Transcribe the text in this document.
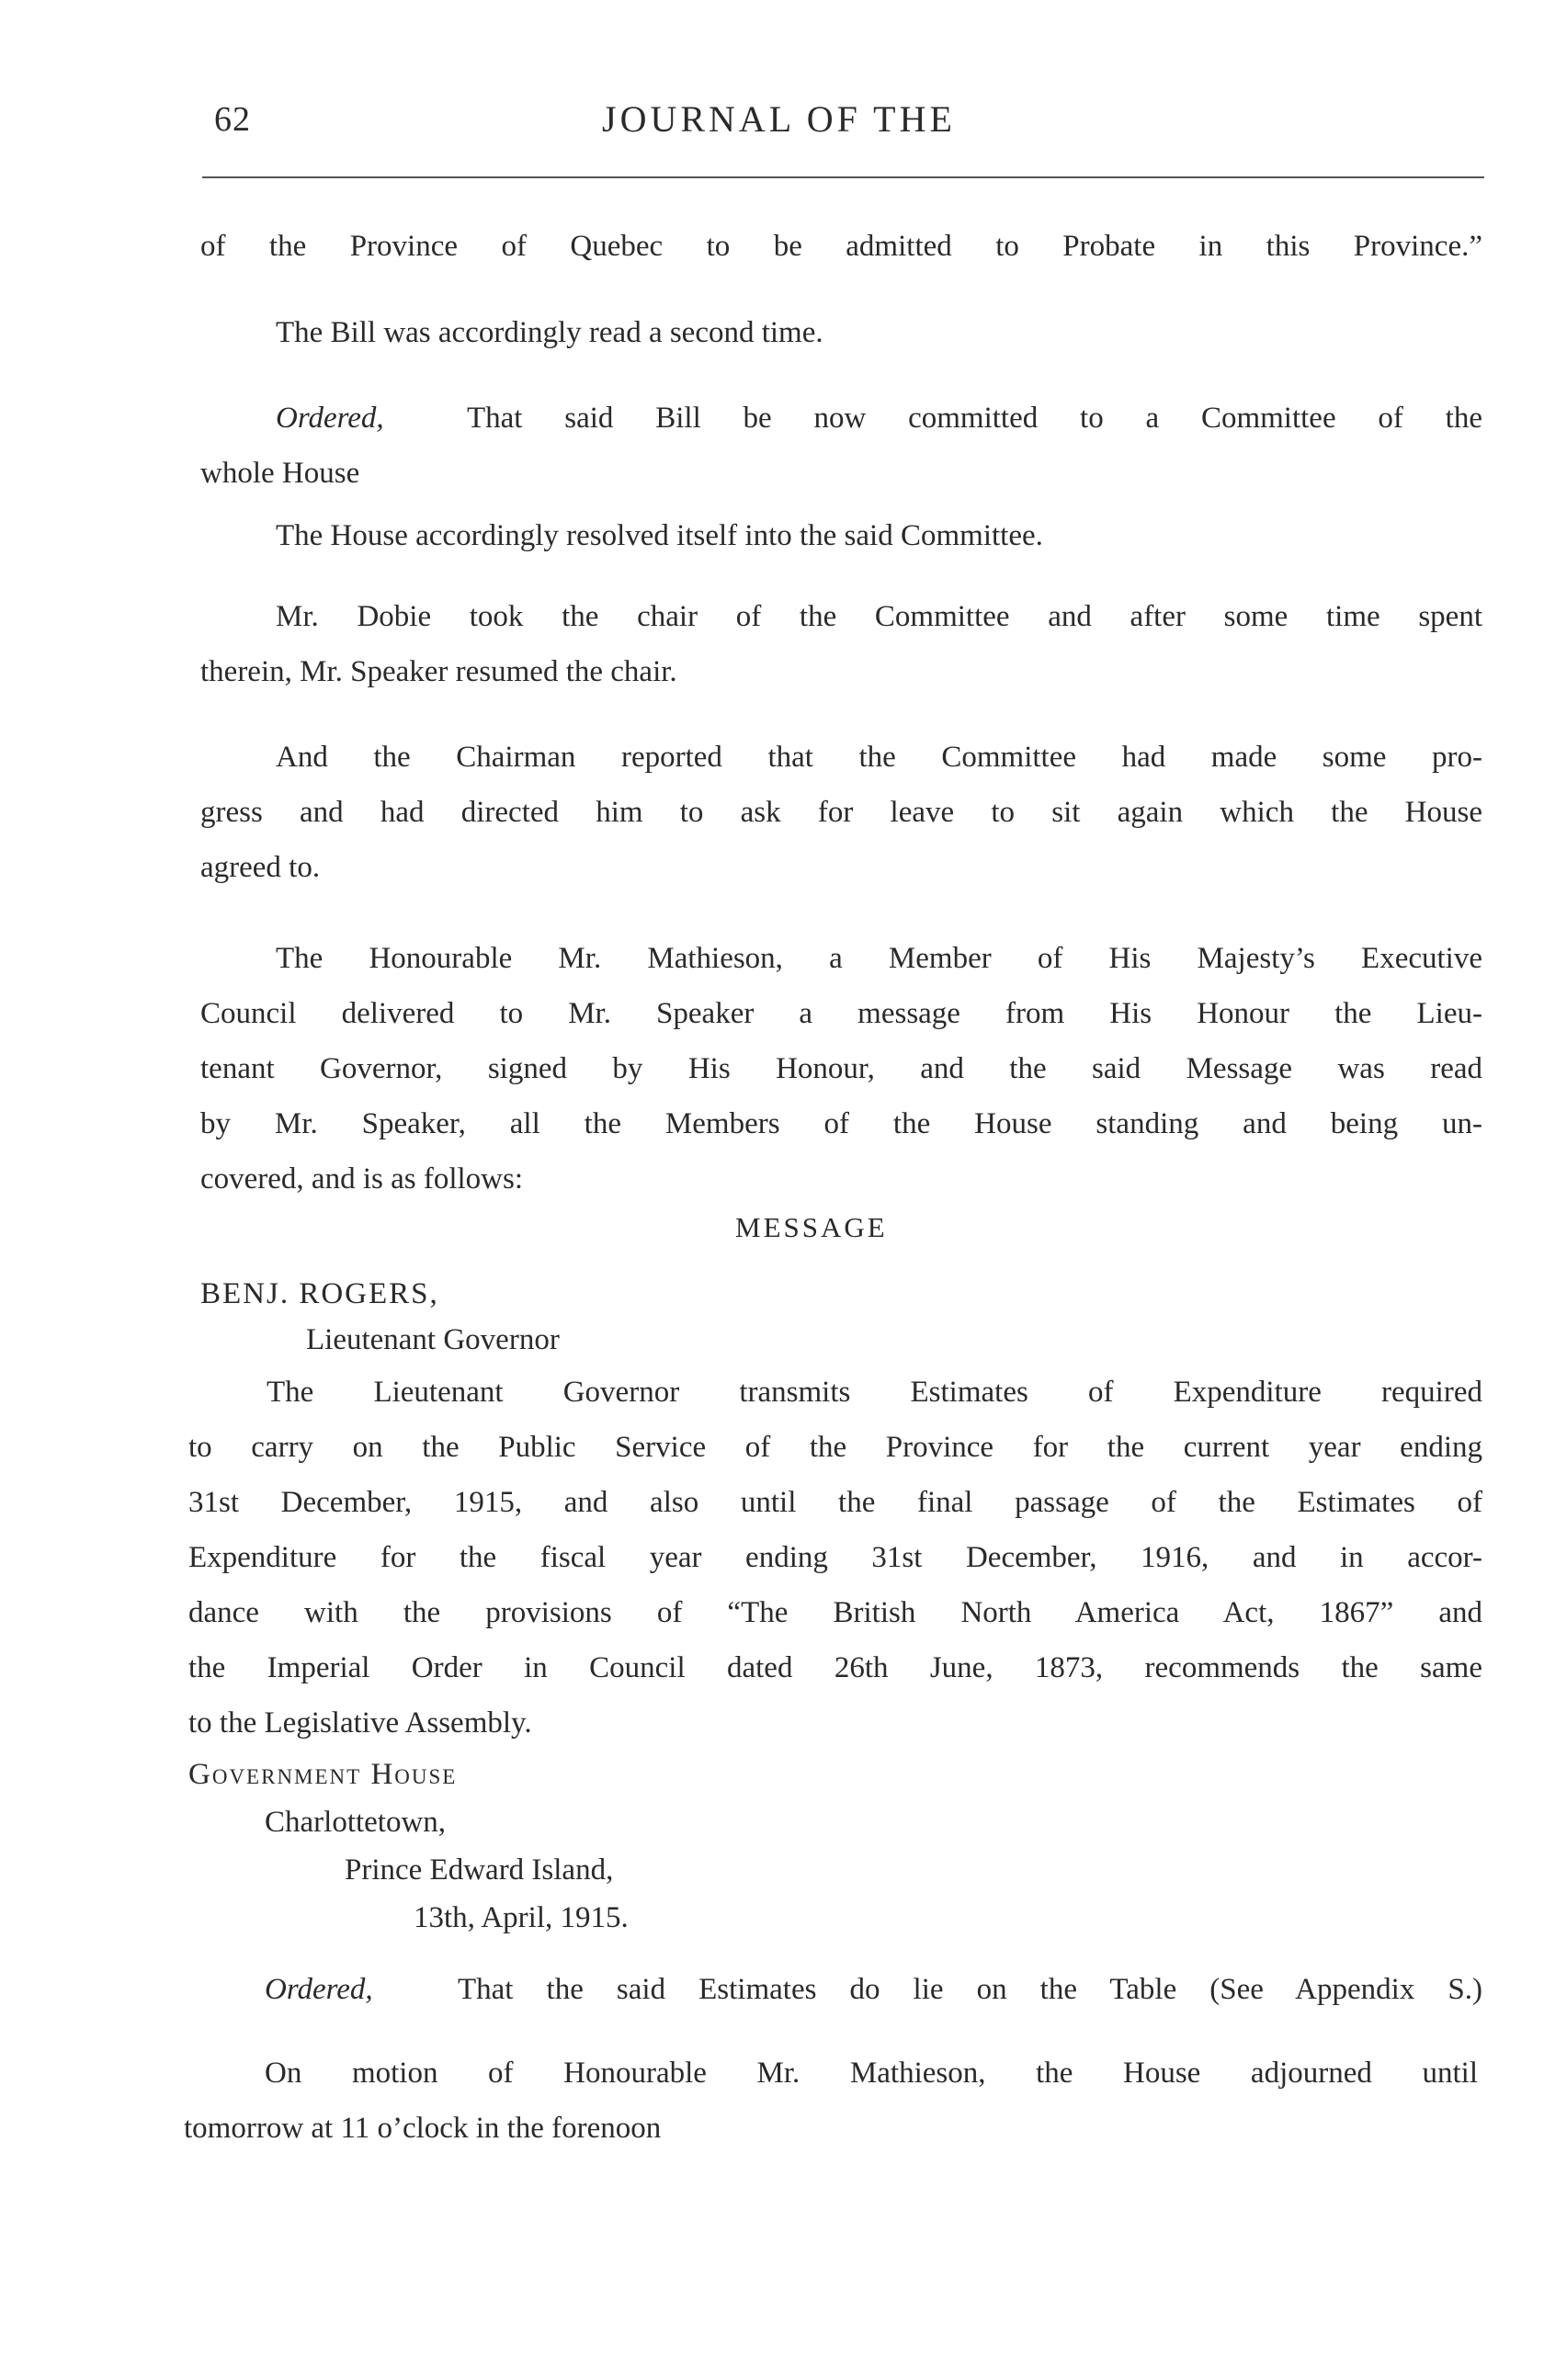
62	JOURNAL OF THE
of the Province of Quebec to be admitted to Probate in this Province.”
The Bill was accordingly read a second time.
Ordered,	That said Bill be now committed to a Committee of the
whole House
The House accordingly resolved itself into the said Committee.
Mr. Dobie took the chair of the Committee and after some time spent
therein, Mr. Speaker resumed the chair.
And the Chairman reported that the Committee had made some pro-
gress and had directed him to ask for leave to sit again which the House
agreed to.
The Honourable Mr. Mathieson, a Member of His Majesty’s Executive
Council delivered to Mr. Speaker a message from His Honour the Lieu-
tenant Governor, signed by His Honour, and the said Message was read
by Mr. Speaker, all the Members of the House standing and being un-
covered, and is as follows:
MESSAGE
BENJ. ROGERS,
Lieutenant Governor
The Lieutenant Governor transmits Estimates of Expenditure required
to carry on the Public Service of the Province for the current year ending
31st December, 1915, and also until the final passage of the Estimates of
Expenditure for the fiscal year ending 31st December, 1916, and in accor-
dance with the provisions of “The British North America Act, 1867” and
the Imperial Order in Council dated 26th June, 1873, recommends the same
to the Legislative Assembly.
Government House
Charlottetown,
Prince Edward Island,
13th, April, 1915.
Ordered,	That the said Estimates do lie on the Table (See Appendix S.)
On motion of Honourable Mr. Mathieson, the House adjourned until
tomorrow at 11 o’clock in the forenoon
